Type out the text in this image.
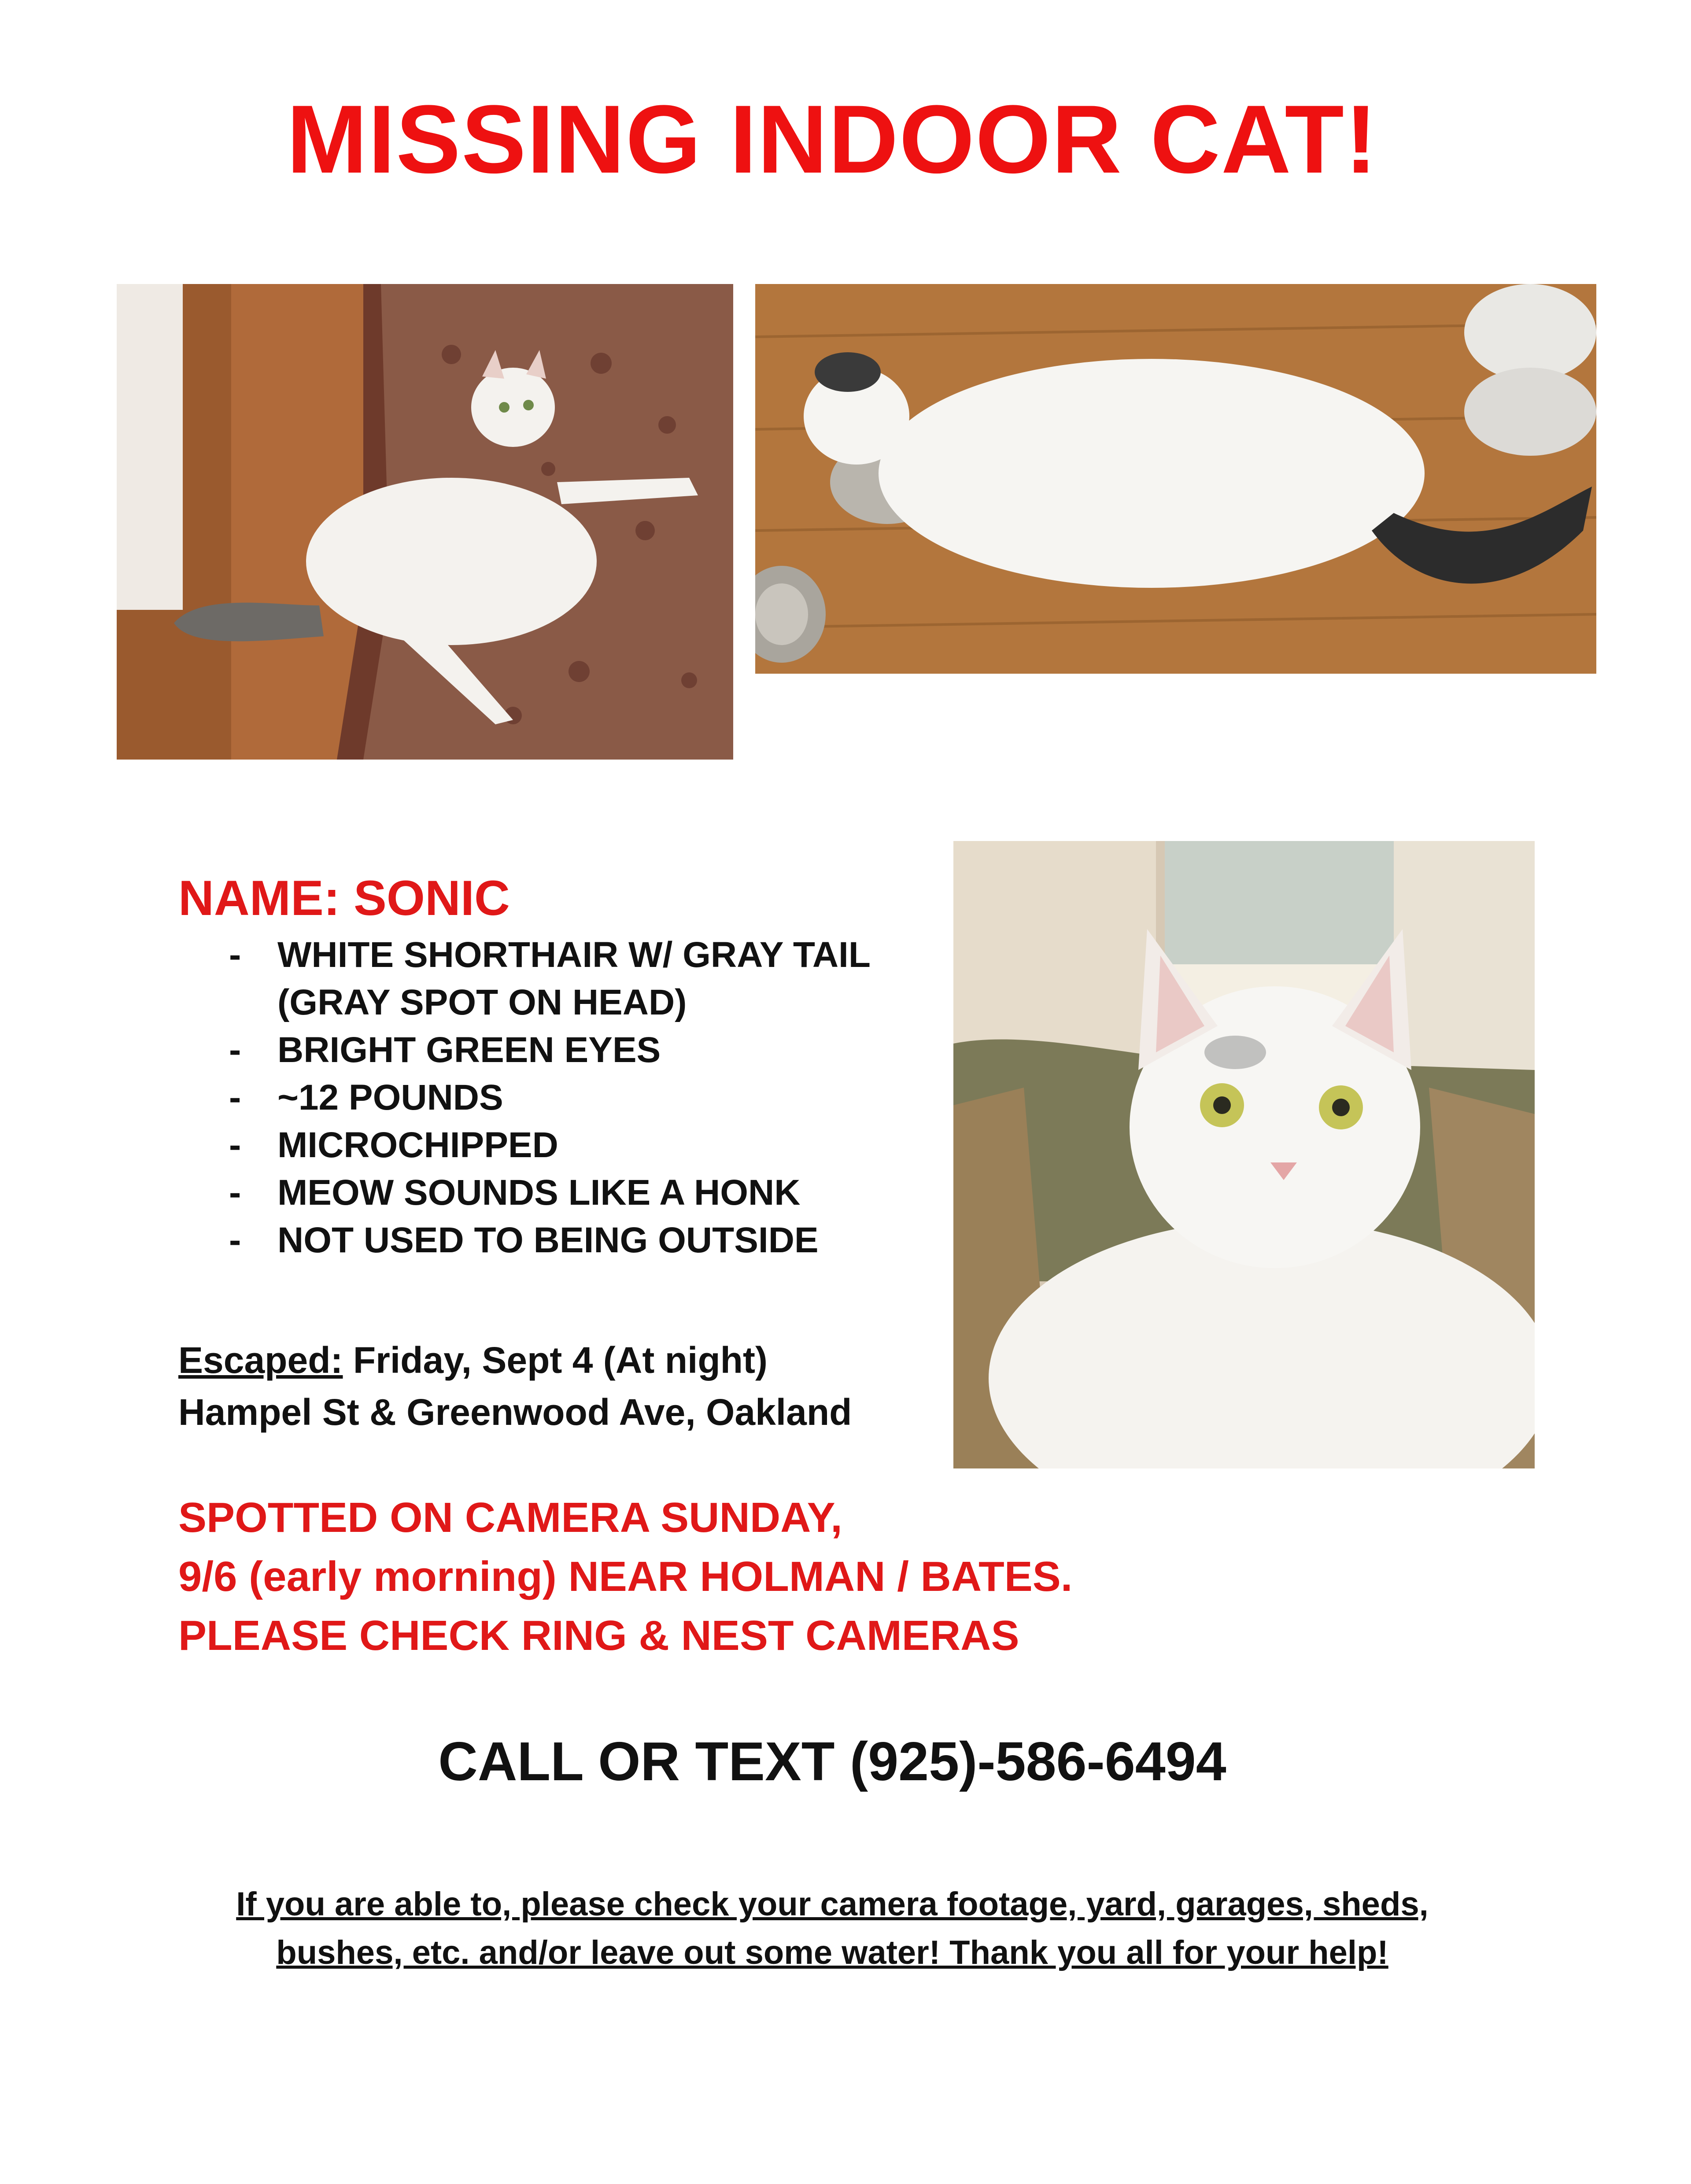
MISSING INDOOR CAT!
NAME: SONIC
- WHITE SHORTHAIR W/ GRAY TAIL
(GRAY SPOT ON HEAD)
- BRIGHT GREEN EYES
- ~12 POUNDS
- MICROCHIPPED
- MEOW SOUNDS LIKE A HONK
- NOT USED TO BEING OUTSIDE
Escaped: Friday, Sept 4 (At night)
Hampel St & Greenwood Ave, Oakland
SPOTTED ON CAMERA SUNDAY,
9/6 (early morning) NEAR HOLMAN / BATES.
PLEASE CHECK RING & NEST CAMERAS
CALL OR TEXT (925)-586-6494
If you are able to, please check your camera footage, yard, garages, sheds,
bushes, etc. and/or leave out some water! Thank you all for your help!
